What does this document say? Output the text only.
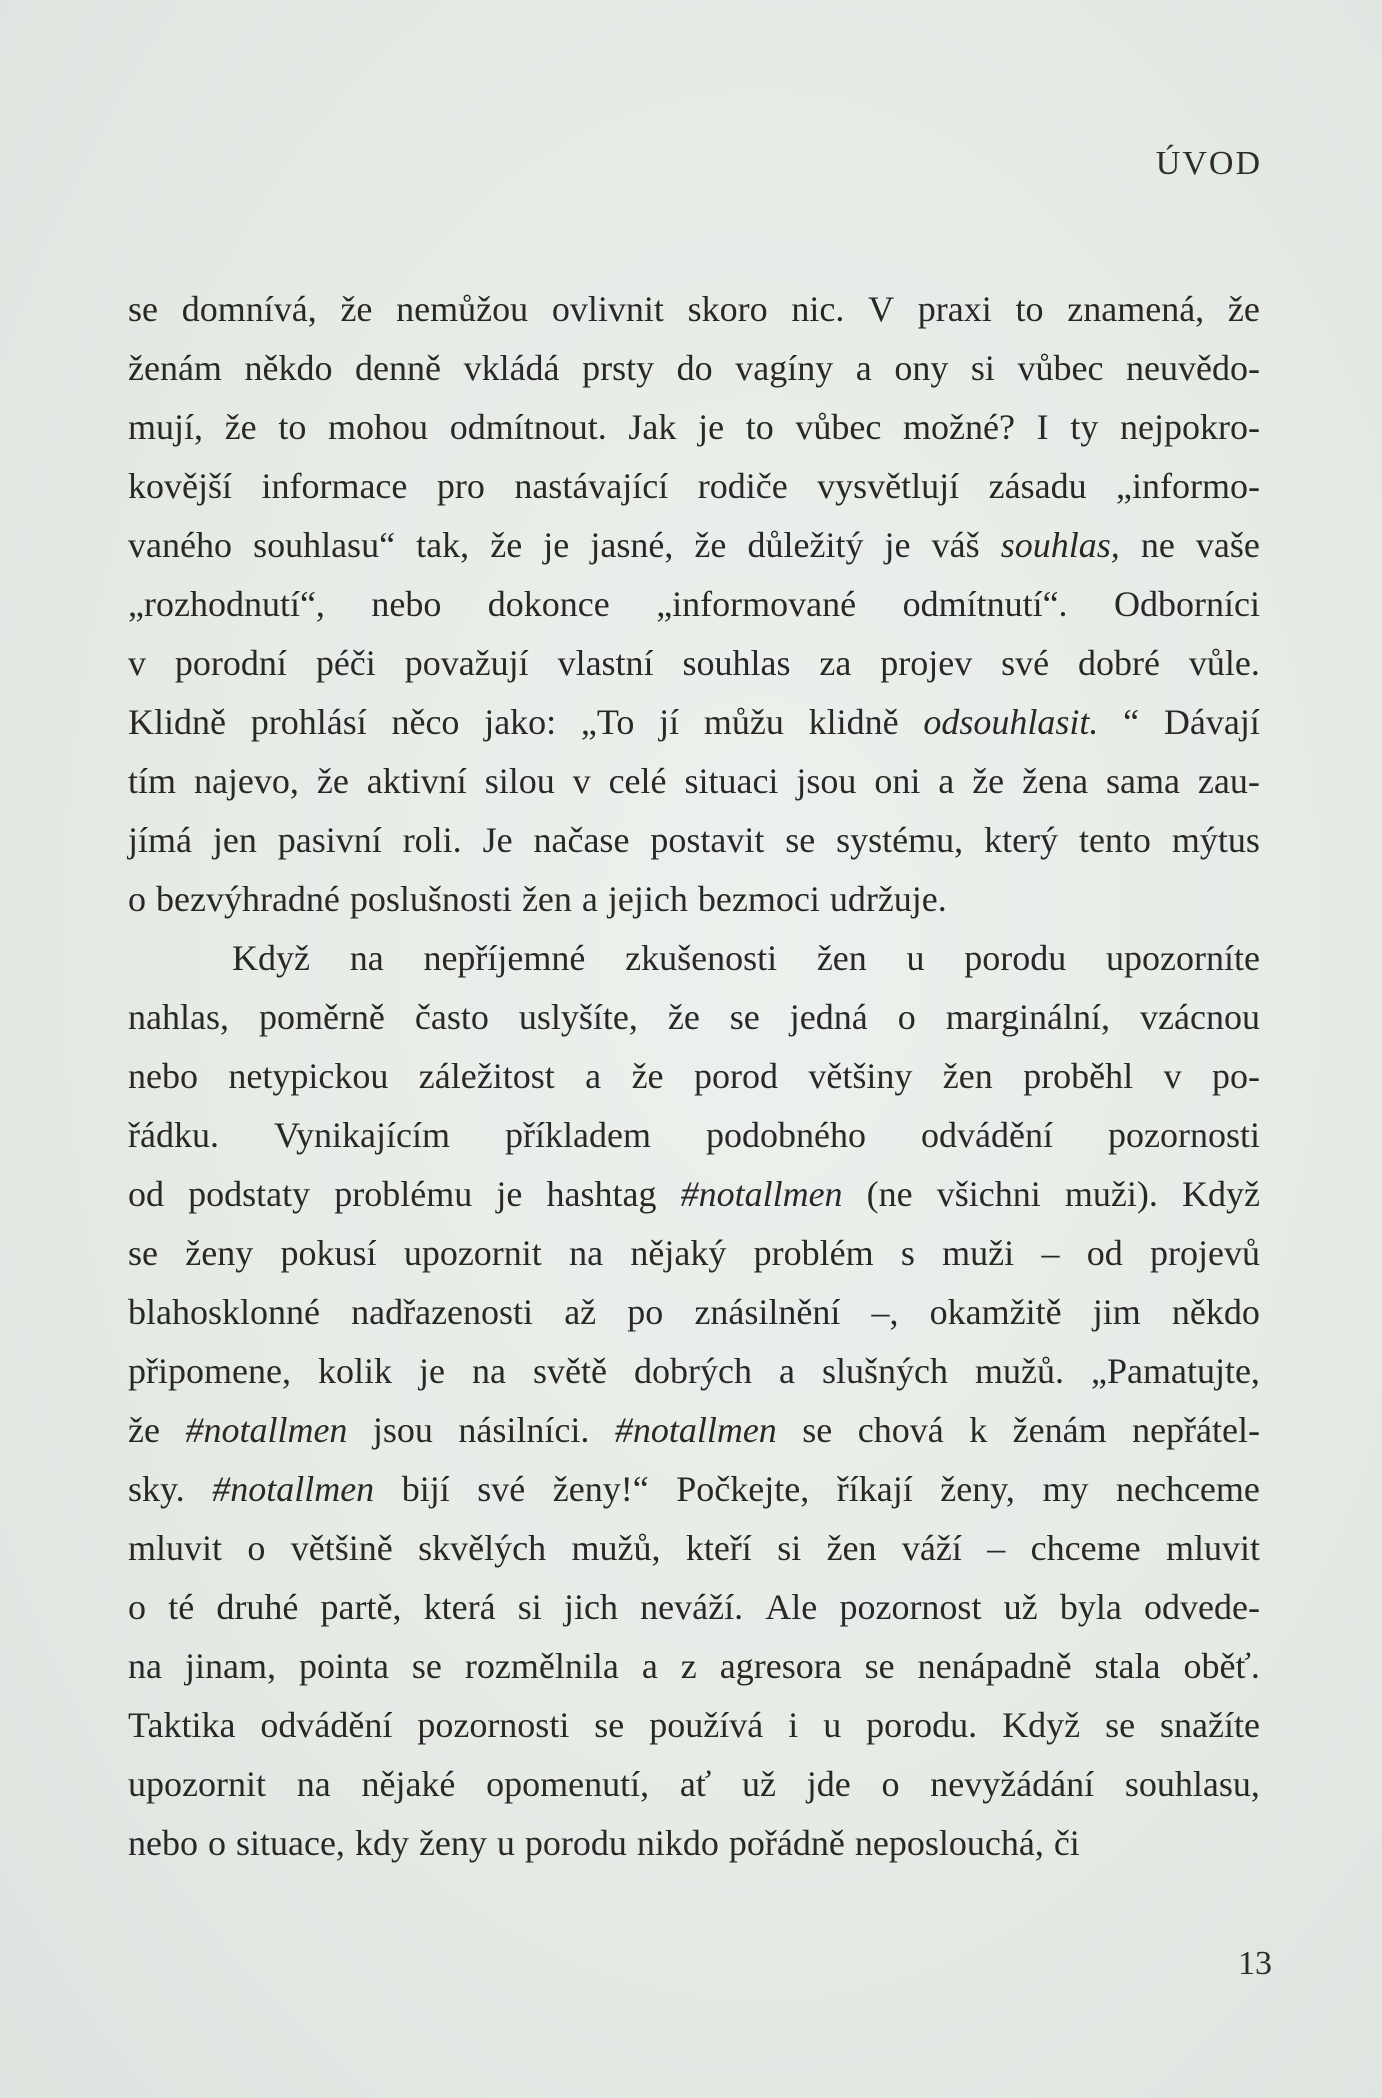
ÚVOD
se domnívá, že nemůžou ovlivnit skoro nic. V praxi to znamená, že
ženám někdo denně vkládá prsty do vagíny a ony si vůbec neuvědo-
mují, že to mohou odmítnout. Jak je to vůbec možné? I ty nejpokro-
kovější informace pro nastávající rodiče vysvětlují zásadu „informo-
vaného souhlasu“ tak, že je jasné, že důležitý je váš souhlas, ne vaše
„rozhodnutí“, nebo dokonce „informované odmítnutí“. Odborníci
v porodní péči považují vlastní souhlas za projev své dobré vůle.
Klidně prohlásí něco jako: „To jí můžu klidně odsouhlasit. “ Dávají
tím najevo, že aktivní silou v celé situaci jsou oni a že žena sama zau-
jímá jen pasivní roli. Je načase postavit se systému, který tento mýtus
o bezvýhradné poslušnosti žen a jejich bezmoci udržuje.
Když na nepříjemné zkušenosti žen u porodu upozorníte
nahlas, poměrně často uslyšíte, že se jedná o marginální, vzácnou
nebo netypickou záležitost a že porod většiny žen proběhl v po-
řádku. Vynikajícím příkladem podobného odvádění pozornosti
od podstaty problému je hashtag #notallmen (ne všichni muži). Když
se ženy pokusí upozornit na nějaký problém s muži – od projevů
blahosklonné nadřazenosti až po znásilnění –, okamžitě jim někdo
připomene, kolik je na světě dobrých a slušných mužů. „Pamatujte,
že #notallmen jsou násilníci. #notallmen se chová k ženám nepřátel-
sky. #notallmen bijí své ženy!“ Počkejte, říkají ženy, my nechceme
mluvit o většině skvělých mužů, kteří si žen váží – chceme mluvit
o té druhé partě, která si jich neváží. Ale pozornost už byla odvede-
na jinam, pointa se rozmělnila a z agresora se nenápadně stala oběť.
Taktika odvádění pozornosti se používá i u porodu. Když se snažíte
upozornit na nějaké opomenutí, ať už jde o nevyžádání souhlasu,
nebo o situace, kdy ženy u porodu nikdo pořádně neposlouchá, či
13
